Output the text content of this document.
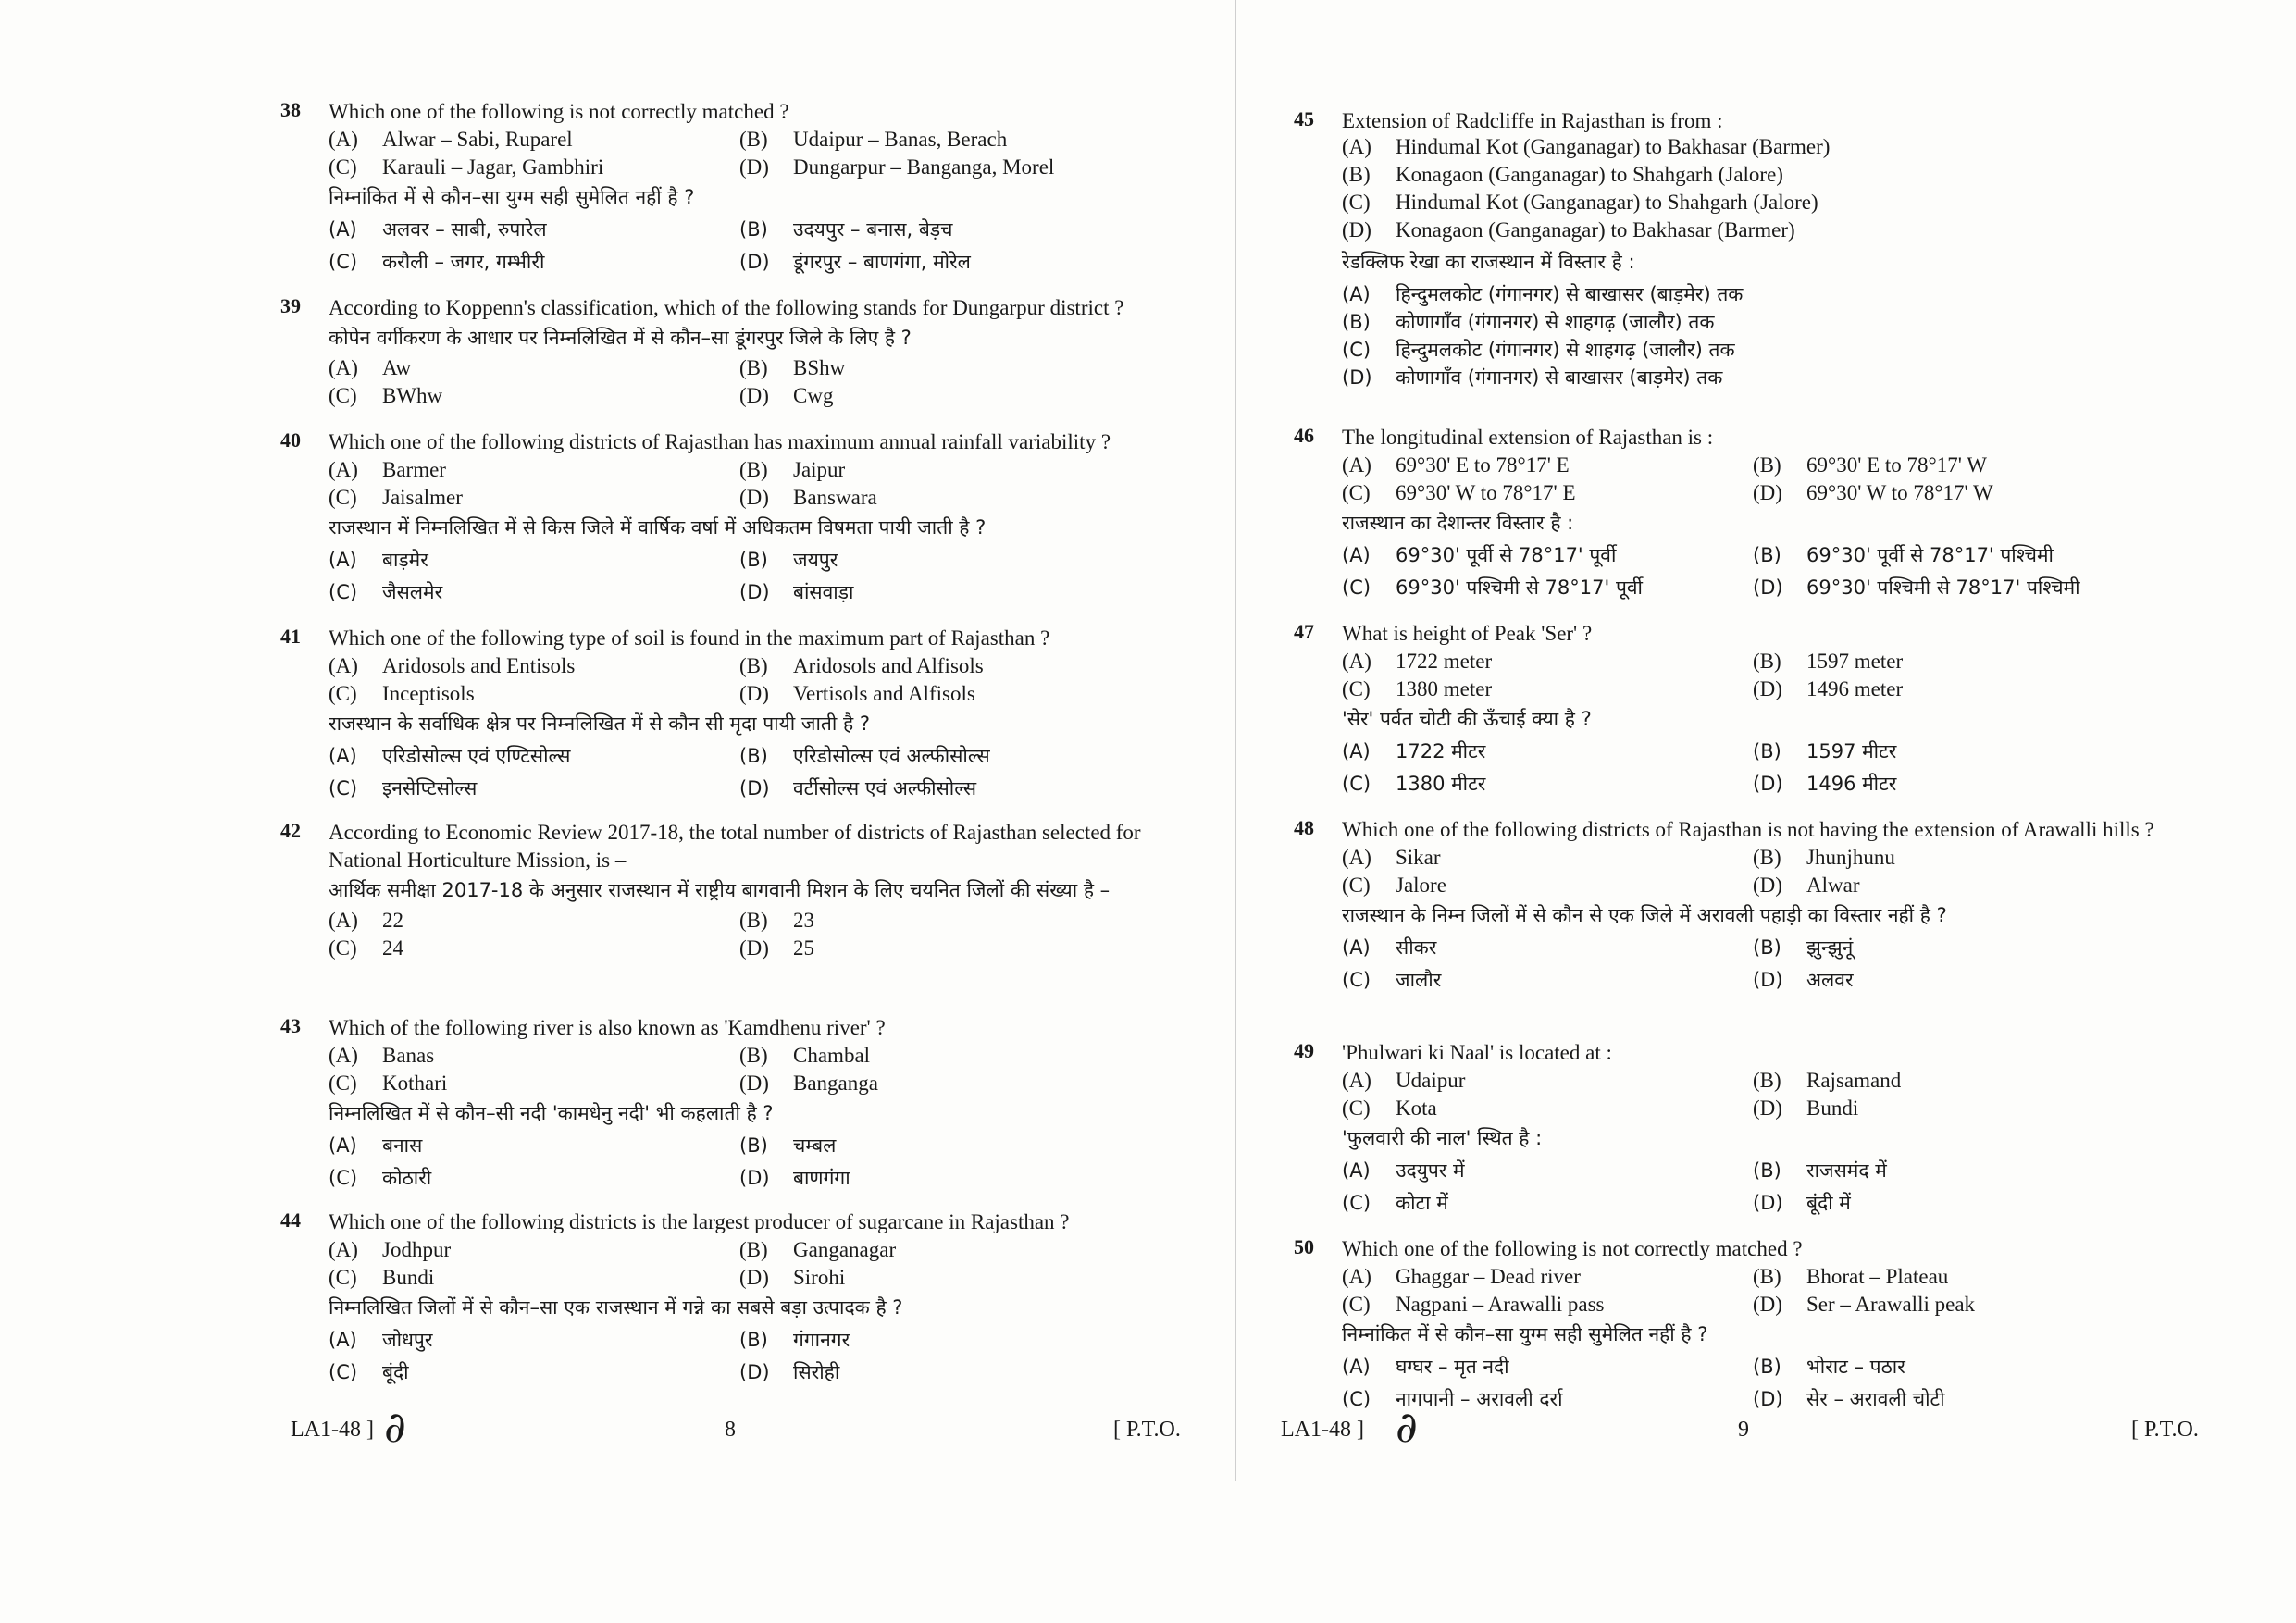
38 Which one of the following is not correctly matched ?
(A) Alwar – Sabi, Ruparel	(B) Udaipur – Banas, Berach
(C) Karauli – Jagar, Gambhiri	(D) Dungarpur – Banganga, Morel
निम्नांकित में से कौन–सा युग्म सही सुमेलित नहीं है ?
(A) अलवर – साबी, रुपारेल	(B) उदयपुर – बनास, बेड़च
(C) करौली – जगर, गम्भीरी	(D) डूंगरपुर – बाणगंगा, मोरेल
39 According to Koppenn's classification, which of the following stands for Dungarpur district ?
कोपेन वर्गीकरण के आधार पर निम्नलिखित में से कौन–सा डूंगरपुर जिले के लिए है ?
(A) Aw	(B) BShw
(C) BWhw	(D) Cwg
40 Which one of the following districts of Rajasthan has maximum annual rainfall variability ?
(A) Barmer	(B) Jaipur
(C) Jaisalmer	(D) Banswara
राजस्थान में निम्नलिखित में से किस जिले में वार्षिक वर्षा में अधिकतम विषमता पायी जाती है ?
(A) बाड़मेर	(B) जयपुर
(C) जैसलमेर	(D) बांसवाड़ा
41 Which one of the following type of soil is found in the maximum part of Rajasthan ?
(A) Aridosols and Entisols	(B) Aridosols and Alfisols
(C) Inceptisols	(D) Vertisols and Alfisols
राजस्थान के सर्वाधिक क्षेत्र पर निम्नलिखित में से कौन सी मृदा पायी जाती है ?
(A) एरिडोसोल्स एवं एण्टिसोल्स	(B) एरिडोसोल्स एवं अल्फीसोल्स
(C) इनसेप्टिसोल्स	(D) वर्टीसोल्स एवं अल्फीसोल्स
42 According to Economic Review 2017-18, the total number of districts of Rajasthan selected for National Horticulture Mission, is –
आर्थिक समीक्षा 2017-18 के अनुसार राजस्थान में राष्ट्रीय बागवानी मिशन के लिए चयनित जिलों की संख्या है –
(A) 22	(B) 23
(C) 24	(D) 25
43 Which of the following river is also known as 'Kamdhenu river' ?
(A) Banas	(B) Chambal
(C) Kothari	(D) Banganga
निम्नलिखित में से कौन–सी नदी 'कामधेनु नदी' भी कहलाती है ?
(A) बनास	(B) चम्बल
(C) कोठारी	(D) बाणगंगा
44 Which one of the following districts is the largest producer of sugarcane in Rajasthan ?
(A) Jodhpur	(B) Ganganagar
(C) Bundi	(D) Sirohi
निम्नलिखित जिलों में से कौन–सा एक राजस्थान में गन्ने का सबसे बड़ा उत्पादक है ?
(A) जोधपुर	(B) गंगानगर
(C) बूंदी	(D) सिरोही
LA1-48 ] ∂	8	[ P.T.O.
45 Extension of Radcliffe in Rajasthan is from :
(A) Hindumal Kot (Ganganagar) to Bakhasar (Barmer)
(B) Konagaon (Ganganagar) to Shahgarh (Jalore)
(C) Hindumal Kot (Ganganagar) to Shahgarh (Jalore)
(D) Konagaon (Ganganagar) to Bakhasar (Barmer)
रेडक्लिफ रेखा का राजस्थान में विस्तार है :
(A) हिन्दुमलकोट (गंगानगर) से बाखासर (बाड़मेर) तक
(B) कोणागाँव (गंगानगर) से शाहगढ़ (जालौर) तक
(C) हिन्दुमलकोट (गंगानगर) से शाहगढ़ (जालौर) तक
(D) कोणागाँव (गंगानगर) से बाखासर (बाड़मेर) तक
46 The longitudinal extension of Rajasthan is :
(A) 69°30' E to 78°17' E	(B) 69°30' E to 78°17' W
(C) 69°30' W to 78°17' E	(D) 69°30' W to 78°17' W
राजस्थान का देशान्तर विस्तार है :
(A) 69°30' पूर्वी से 78°17' पूर्वी	(B) 69°30' पूर्वी से 78°17' पश्चिमी
(C) 69°30' पश्चिमी से 78°17' पूर्वी	(D) 69°30' पश्चिमी से 78°17' पश्चिमी
47 What is height of Peak 'Ser' ?
(A) 1722 meter	(B) 1597 meter
(C) 1380 meter	(D) 1496 meter
'सेर' पर्वत चोटी की ऊँचाई क्या है ?
(A) 1722 मीटर	(B) 1597 मीटर
(C) 1380 मीटर	(D) 1496 मीटर
48 Which one of the following districts of Rajasthan is not having the extension of Arawalli hills ?
(A) Sikar	(B) Jhunjhunu
(C) Jalore	(D) Alwar
राजस्थान के निम्न जिलों में से कौन से एक जिले में अरावली पहाड़ी का विस्तार नहीं है ?
(A) सीकर	(B) झुन्झुनूं
(C) जालौर	(D) अलवर
49 'Phulwari ki Naal' is located at :
(A) Udaipur	(B) Rajsamand
(C) Kota	(D) Bundi
'फुलवारी की नाल' स्थित है :
(A) उदयुपर में	(B) राजसमंद में
(C) कोटा में	(D) बूंदी में
50 Which one of the following is not correctly matched ?
(A) Ghaggar – Dead river	(B) Bhorat – Plateau
(C) Nagpani – Arawalli pass	(D) Ser – Arawalli peak
निम्नांकित में से कौन–सा युग्म सही सुमेलित नहीं है ?
(A) घग्घर – मृत नदी	(B) भोराट – पठार
(C) नागपानी – अरावली दर्रा	(D) सेर – अरावली चोटी
LA1-48 ] ∂	9	[ P.T.O.
